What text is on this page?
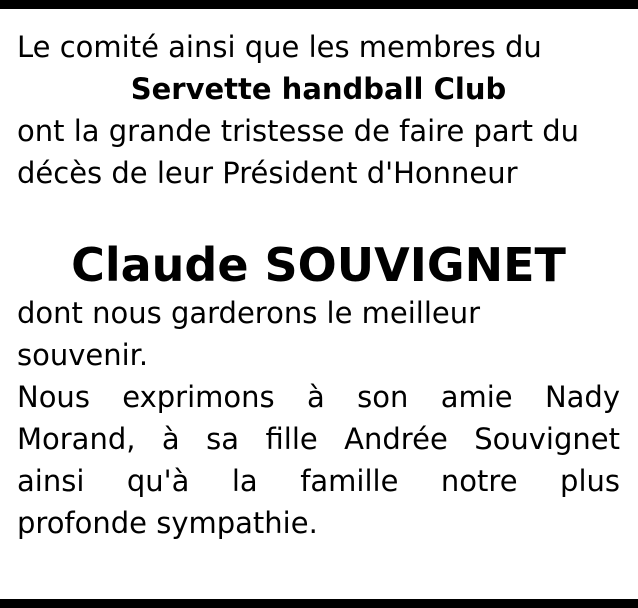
Le comité ainsi que les membres du
Servette handball Club
ont la grande tristesse de faire part du
décès de leur Président d'Honneur
Claude SOUVIGNET
dont nous garderons le meilleur
souvenir.
Nous exprimons à son amie Nady
Morand, à sa fille Andrée Souvignet
ainsi qu'à la famille notre plus
profonde sympathie.
